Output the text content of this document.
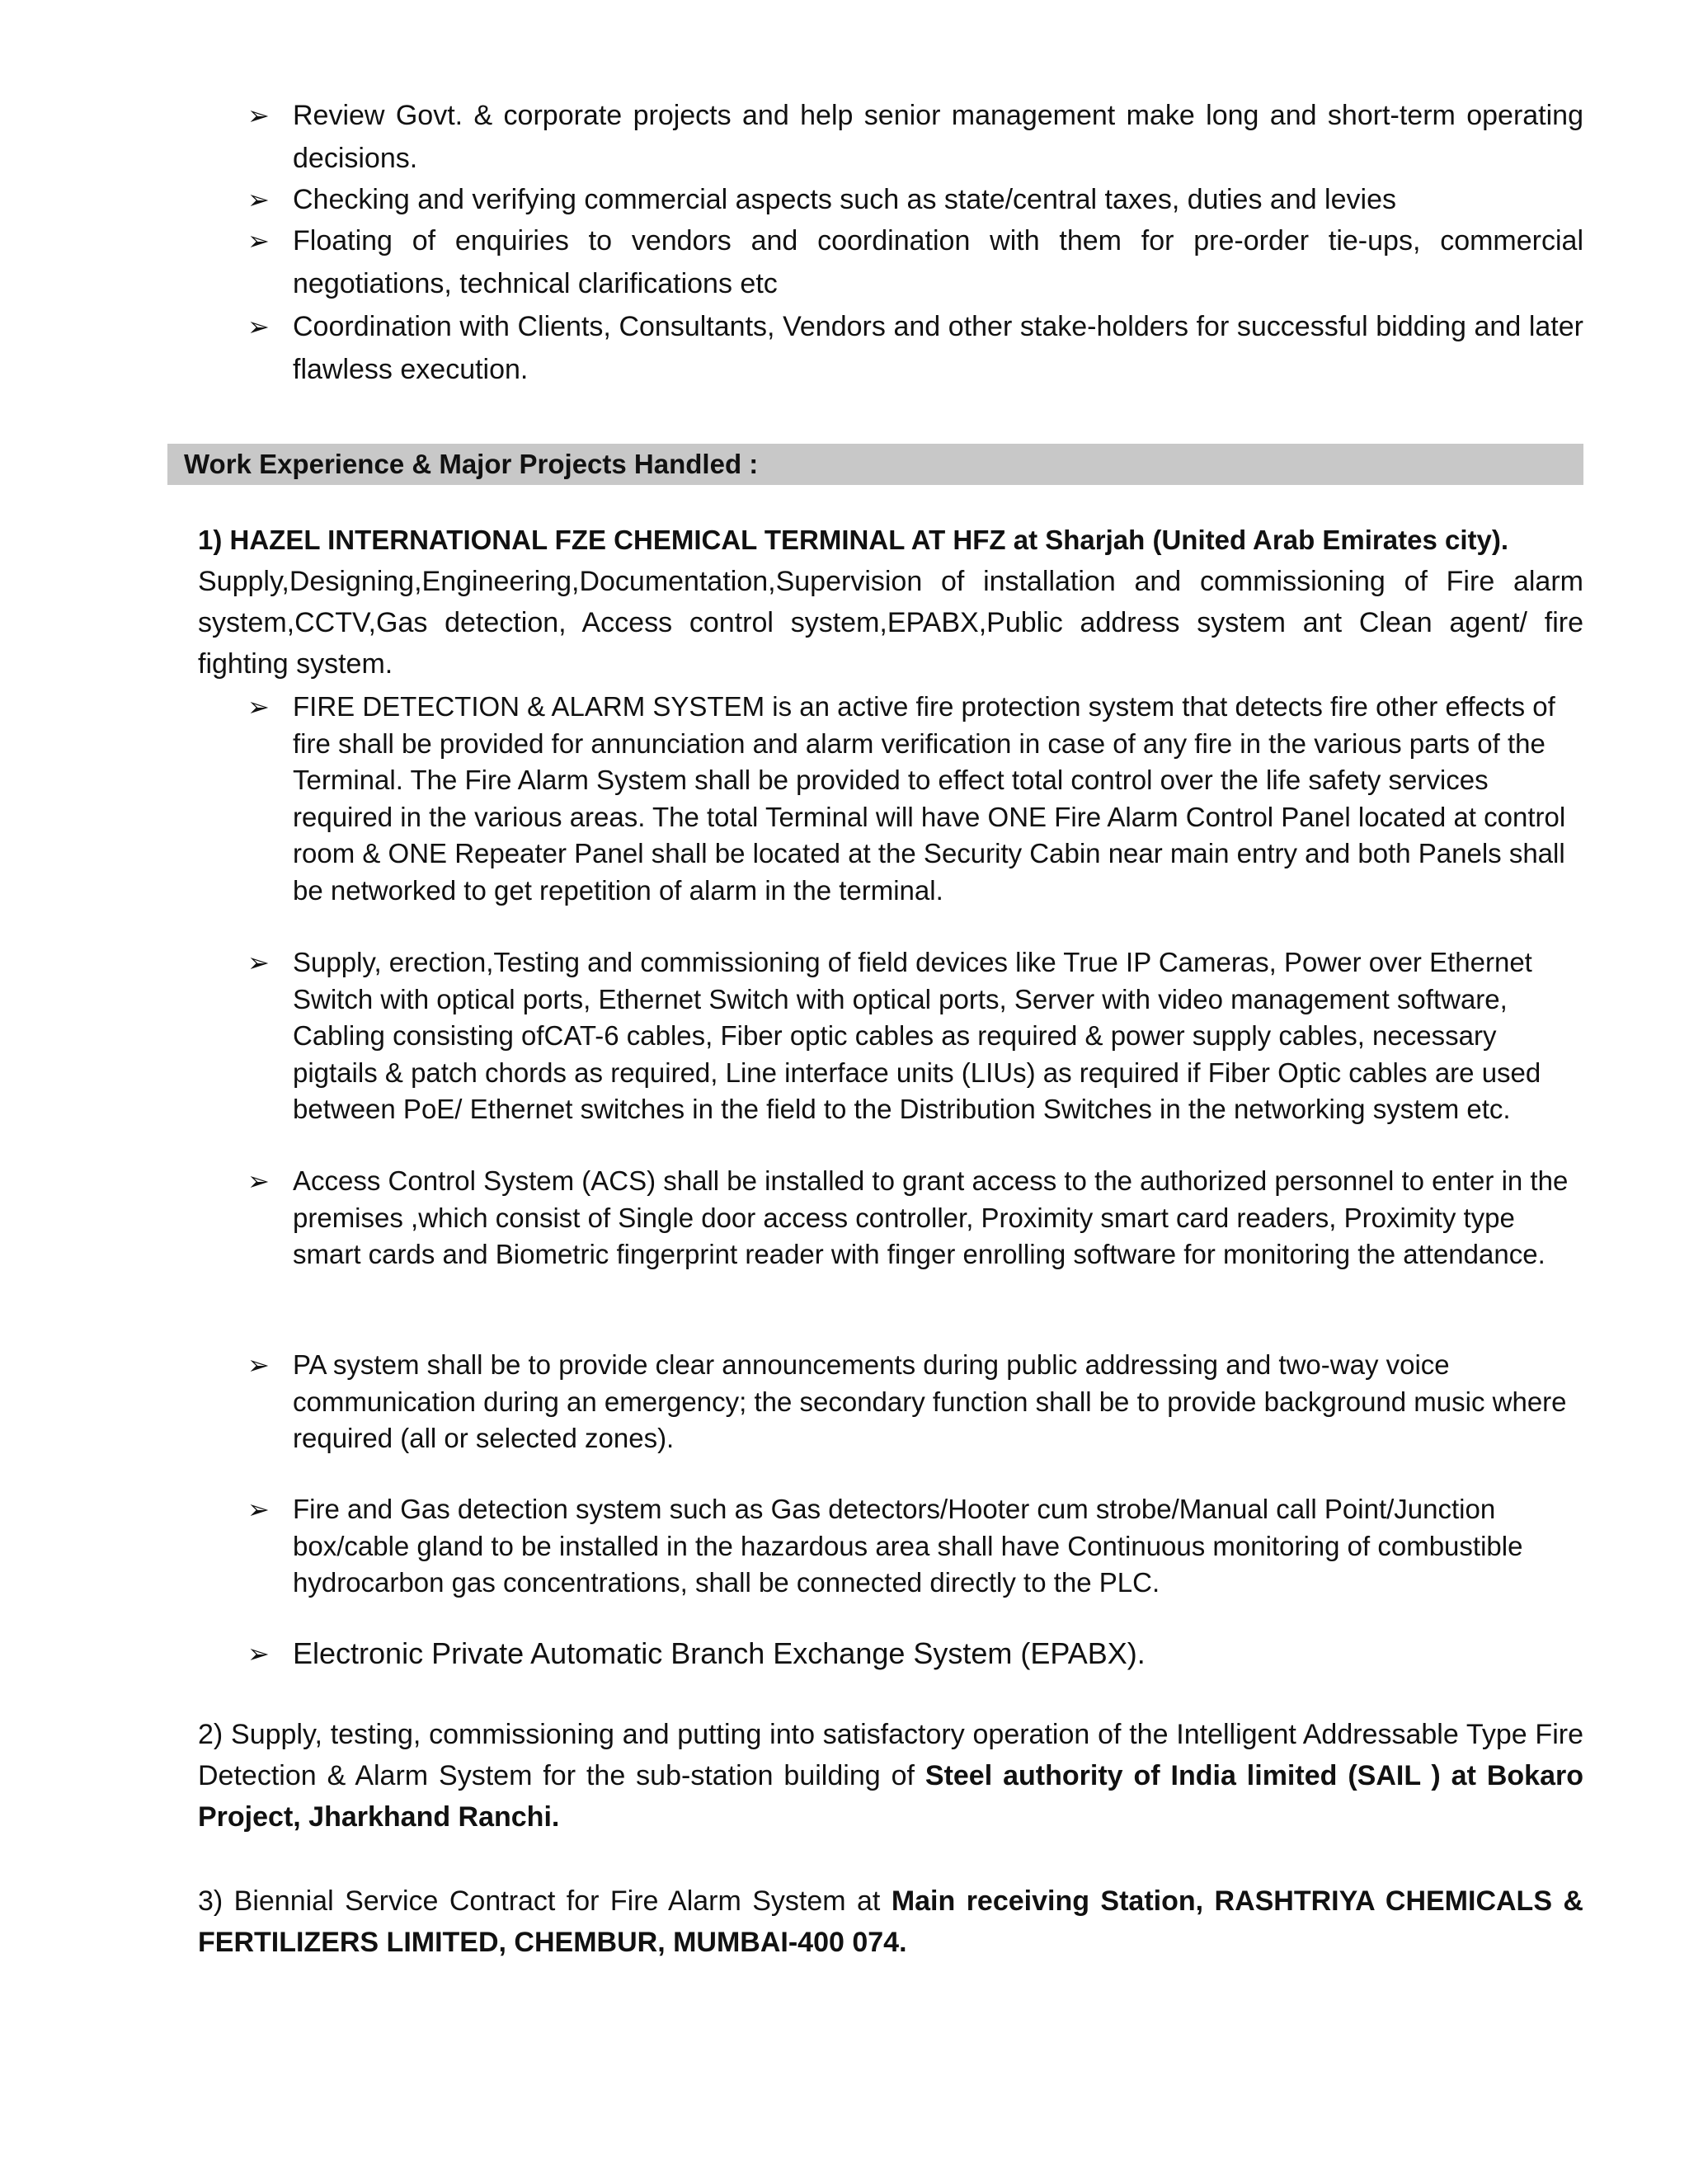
➢ Review Govt. & corporate projects and help senior management make long and short-term operating decisions.
➢ Checking and verifying commercial aspects such as state/central taxes, duties and levies
➢ Floating of enquiries to vendors and coordination with them for pre-order tie-ups, commercial negotiations, technical clarifications etc
➢ Coordination with Clients, Consultants, Vendors and other stake-holders for successful bidding and later flawless execution.
Work Experience & Major Projects Handled :
1) HAZEL INTERNATIONAL FZE CHEMICAL TERMINAL AT HFZ at Sharjah (United Arab Emirates city).
Supply,Designing,Engineering,Documentation,Supervision of installation and commissioning of Fire alarm system,CCTV,Gas detection, Access control system,EPABX,Public address system ant Clean agent/ fire fighting system.
➢ FIRE DETECTION & ALARM SYSTEM is an active fire protection system that detects fire other effects of fire shall be provided for annunciation and alarm verification in case of any fire in the various parts of the Terminal. The Fire Alarm System shall be provided to effect total control over the life safety services required in the various areas. The total Terminal will have ONE Fire Alarm Control Panel located at control room & ONE Repeater Panel shall be located at the Security Cabin near main entry and both Panels shall be networked to get repetition of alarm in the terminal.
➢ Supply, erection,Testing and commissioning of field devices like True IP Cameras, Power over Ethernet Switch with optical ports, Ethernet Switch with optical ports, Server with video management software, Cabling consisting ofCAT-6 cables, Fiber optic cables as required & power supply cables, necessary pigtails & patch chords as required, Line interface units (LIUs) as required if Fiber Optic cables are used between PoE/ Ethernet switches in the field to the Distribution Switches in the networking system etc.
➢ Access Control System (ACS) shall be installed to grant access to the authorized personnel to enter in the premises ,which consist of Single door access controller, Proximity smart card readers, Proximity type smart cards and Biometric fingerprint reader with finger enrolling software for monitoring the attendance.
➢ PA system shall be to provide clear announcements during public addressing and two-way voice communication during an emergency; the secondary function shall be to provide background music where required (all or selected zones).
➢ Fire and Gas detection system such as Gas detectors/Hooter cum strobe/Manual call Point/Junction box/cable gland to be installed in the hazardous area shall have Continuous monitoring of combustible hydrocarbon gas concentrations, shall be connected directly to the PLC.
➢ Electronic Private Automatic Branch Exchange System (EPABX).
2) Supply, testing, commissioning and putting into satisfactory operation of the Intelligent Addressable Type Fire Detection & Alarm System for the sub-station building of Steel authority of India limited (SAIL ) at Bokaro Project, Jharkhand Ranchi.
3) Biennial Service Contract for Fire Alarm System at Main receiving Station, RASHTRIYA CHEMICALS & FERTILIZERS LIMITED, CHEMBUR, MUMBAI-400 074.
